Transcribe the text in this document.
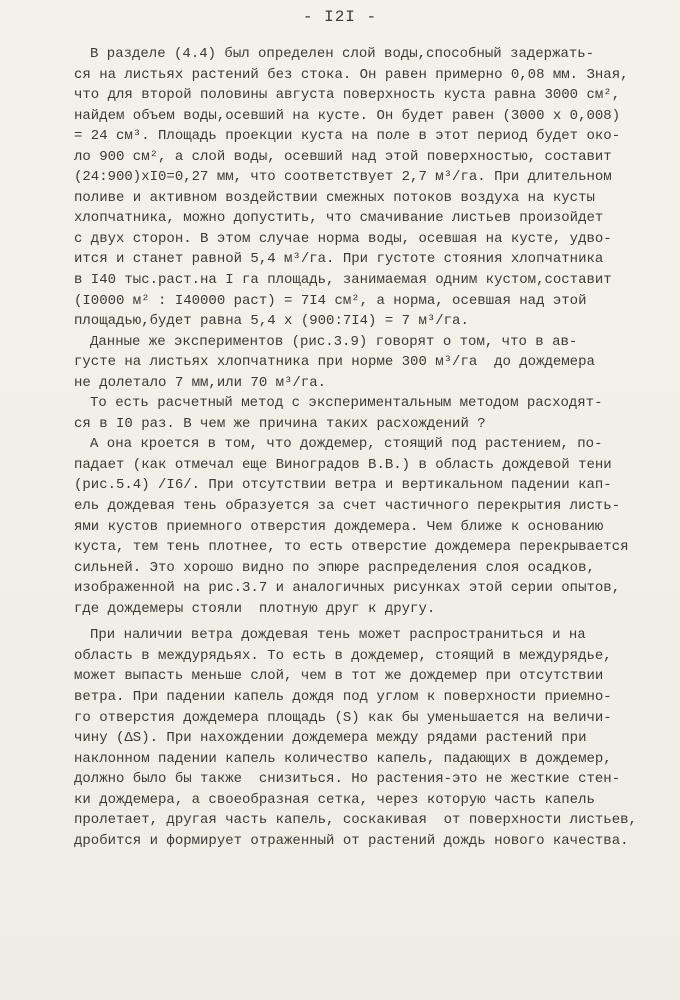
- I2I -
В разделе (4.4) был определен слой воды,способный задержать-
ся на листьях растений без стока. Он равен примерно 0,08 мм. Зная,
что для второй половины августа поверхность куста равна 3000 см²,
найдем объем воды,осевший на кусте. Он будет равен (3000 х 0,008)
= 24 см³. Площадь проекции куста на поле в этот период будет око-
ло 900 см², а слой воды, осевший над этой поверхностью, составит
(24:900)хI0=0,27 мм, что соответствует 2,7 м³/га. При длительном
поливе и активном воздействии смежных потоков воздуха на кусты
хлопчатника, можно допустить, что смачивание листьев произойдет
с двух сторон. В этом случае норма воды, осевшая на кусте, удво-
ится и станет равной 5,4 м³/га. При густоте стояния хлопчатника
в I40 тыс.раст.на I га площадь, занимаемая одним кустом,составит
(I0000 м² : I40000 раст) = 7I4 см², а норма, осевшая над этой
площадью,будет равна 5,4 х (900:7I4) = 7 м³/га.
Данные же экспериментов (рис.3.9) говорят о том, что в ав-
густе на листьях хлопчатника при норме 300 м³/га  до дождемера
не долетало 7 мм,или 70 м³/га.
То есть расчетный метод с экспериментальным методом расходят-
ся в I0 раз. В чем же причина таких расхождений ?
А она кроется в том, что дождемер, стоящий под растением, по-
падает (как отмечал еще Виноградов В.В.) в область дождевой тени
(рис.5.4) /I6/. При отсутствии ветра и вертикальном падении кап-
ель дождевая тень образуется за счет частичного перекрытия листь-
ями кустов приемного отверстия дождемера. Чем ближе к основанию
куста, тем тень плотнее, то есть отверстие дождемера перекрывается
сильней. Это хорошо видно по эпюре распределения слоя осадков,
изображенной на рис.3.7 и аналогичных рисунках этой серии опытов,
где дождемеры стояли  плотную друг к другу.
При наличии ветра дождевая тень может распространиться и на
область в междурядьях. То есть в дождемер, стоящий в междурядье,
может выпасть меньше слой, чем в тот же дождемер при отсутствии
ветра. При падении капель дождя под углом к поверхности приемно-
го отверстия дождемера площадь (S) как бы уменьшается на величи-
чину (ΔS). При нахождении дождемера между рядами растений при
наклонном падении капель количество капель, падающих в дождемер,
должно было бы также  снизиться. Но растения-это не жесткие стен-
ки дождемера, а своеобразная сетка, через которую часть капель
пролетает, другая часть капель, соскакивая  от поверхности листьев,
дробится и формирует отраженный от растений дождь нового качества.
